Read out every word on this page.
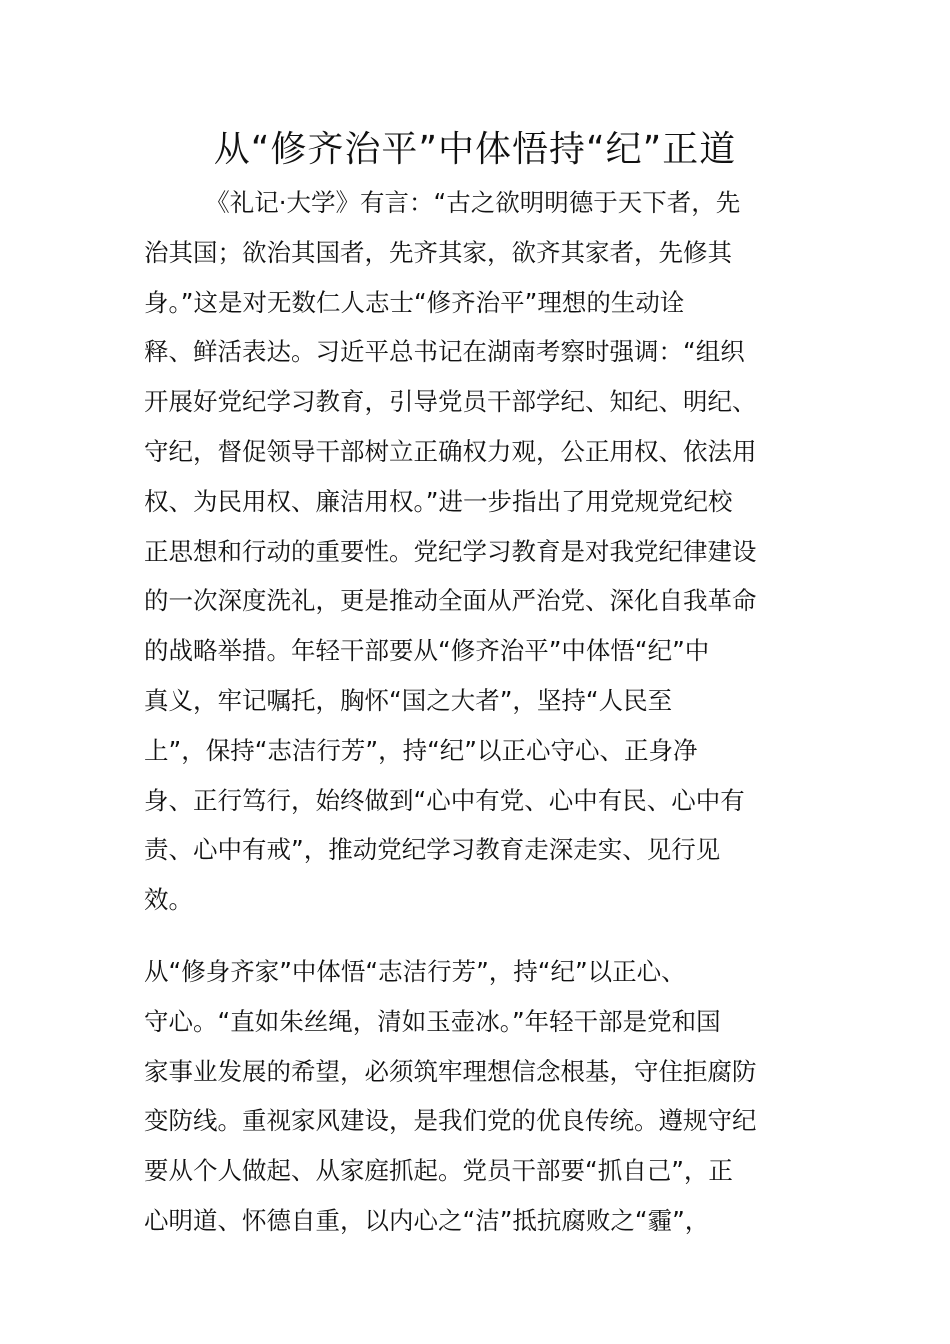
从“修齐治平”中体悟持“纪”正道
　　　《礼记·大学》有言：“古之欲明明德于天下者，先
治其国；欲治其国者，先齐其家，欲齐其家者，先修其
身。”这是对无数仁人志士“修齐治平”理想的生动诠
释、鲜活表达。习近平总书记在湖南考察时强调：“组织
开展好党纪学习教育，引导党员干部学纪、知纪、明纪、
守纪，督促领导干部树立正确权力观，公正用权、依法用
权、为民用权、廉洁用权。”进一步指出了用党规党纪校
正思想和行动的重要性。党纪学习教育是对我党纪律建设
的一次深度洗礼，更是推动全面从严治党、深化自我革命
的战略举措。年轻干部要从“修齐治平”中体悟“纪”中
真义，牢记嘱托，胸怀“国之大者”，坚持“人民至
上”，保持“志洁行芳”，持“纪”以正心守心、正身净
身、正行笃行，始终做到“心中有党、心中有民、心中有
责、心中有戒”，推动党纪学习教育走深走实、见行见
效。
从“修身齐家”中体悟“志洁行芳”，持“纪”以正心、
守心。“直如朱丝绳，清如玉壶冰。”年轻干部是党和国
家事业发展的希望，必须筑牢理想信念根基，守住拒腐防
变防线。重视家风建设，是我们党的优良传统。遵规守纪
要从个人做起、从家庭抓起。党员干部要“抓自己”，正
心明道、怀德自重，以内心之“洁”抵抗腐败之“霾”，
